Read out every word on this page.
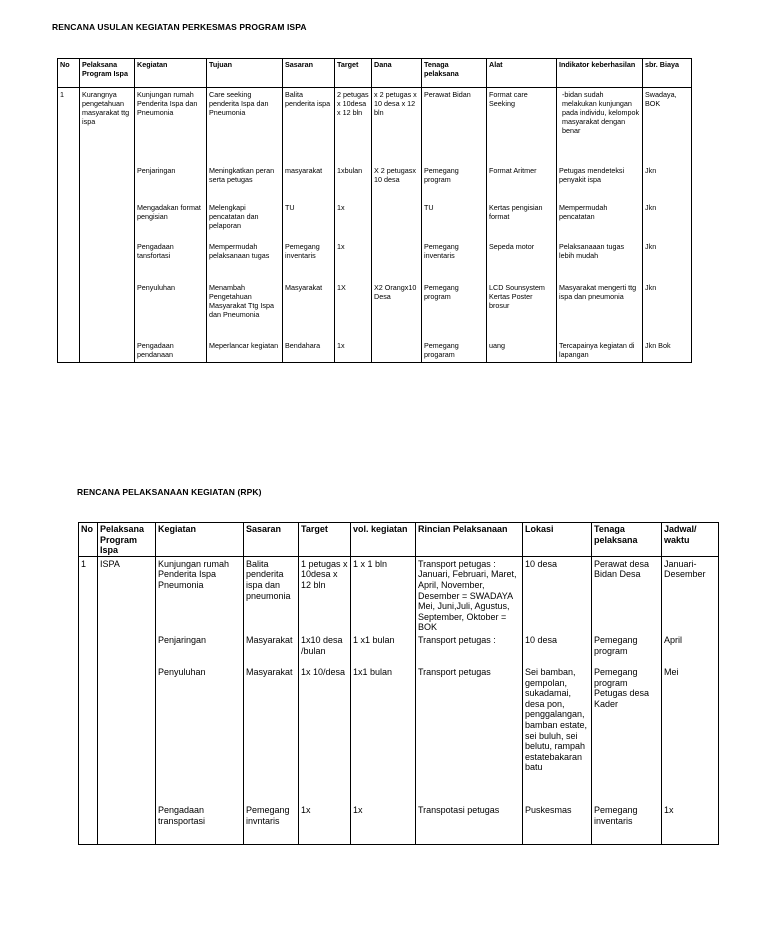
RENCANA USULAN KEGIATAN PERKESMAS PROGRAM ISPA
No	Pelaksana Program Ispa	Kegiatan	Tujuan	Sasaran	Target	Dana	Tenaga pelaksana	Alat	Indikator keberhasilan	sbr. Biaya
1	Kurangnya pengetahuan masyarakat ttg ispa	Kunjungan rumah Penderita Ispa dan Pneumonia	Care seeking penderita Ispa dan Pneumonia	Balita penderita ispa	2 petugas x 10desa x 12 bln	x 2 petugas x 10 desa x 12 bln	Perawat Bidan	Format care Seeking	-bidan sudah melakukan kunjungan pada individu, kelompok masyarakat dengan benar	Swadaya, BOK
		Penjaringan	Meningkatkan peran serta petugas	masyarakat	1xbulan	X 2 petugasx 10 desa	Pemegang program	Format Aritmer	Petugas mendeteksi penyakit ispa	Jkn
		Mengadakan format pengisian	Melengkapi pencatatan dan pelaporan	TU	1x		TU	Kertas pengisian format	Mempermudah pencatatan	Jkn
		Pengadaan tansfortasi	Mempermudah pelaksanaan tugas	Pemegang inventaris	1x		Pemegang inventaris	Sepeda motor	Pelaksanaaan tugas lebih mudah	Jkn
		Penyuluhan	Menambah Pengetahuan Masyarakat Ttg Ispa dan Pneumonia	Masyarakat	1X	X2 Orangx10 Desa	Pemegang program	LCD Sounsystem Kertas Poster brosur	Masyarakat mengerti ttg ispa dan pneumonia	Jkn
		Pengadaan pendanaan	Meperlancar kegiatan	Bendahara	1x		Pemegang progaram	uang	Tercapainya kegiatan di lapangan	Jkn Bok
RENCANA PELAKSANAAN KEGIATAN (RPK)
No	Pelaksana Program Ispa	Kegiatan	Sasaran	Target	vol. kegiatan	Rincian Pelaksanaan	Lokasi	Tenaga pelaksana	Jadwal/ waktu
1	ISPA	Kunjungan rumah Penderita Ispa Pneumonia	Balita penderita ispa dan pneumonia	1 petugas x 10desa x 12 bln	1 x 1 bln	Transport petugas : Januari, Februari, Maret, April, November, Desember = SWADAYA Mei, Juni,Juli, Agustus, September, Oktober = BOK	10 desa	Perawat desa Bidan Desa	Januari-Desember
		Penjaringan	Masyarakat	1x10 desa /bulan	1 x1 bulan	Transport petugas :	10 desa	Pemegang program	April
		Penyuluhan	Masyarakat	1x 10/desa	1x1 bulan	Transport petugas	Sei bamban, gempolan, sukadamai, desa pon, penggalangan, bamban estate, sei buluh, sei belutu, rampah estatebakaran batu	Pemegang program Petugas desa Kader	Mei
		Pengadaan transportasi	Pemegang invntaris	1x	1x	Transpotasi petugas	Puskesmas	Pemegang inventaris	1x
